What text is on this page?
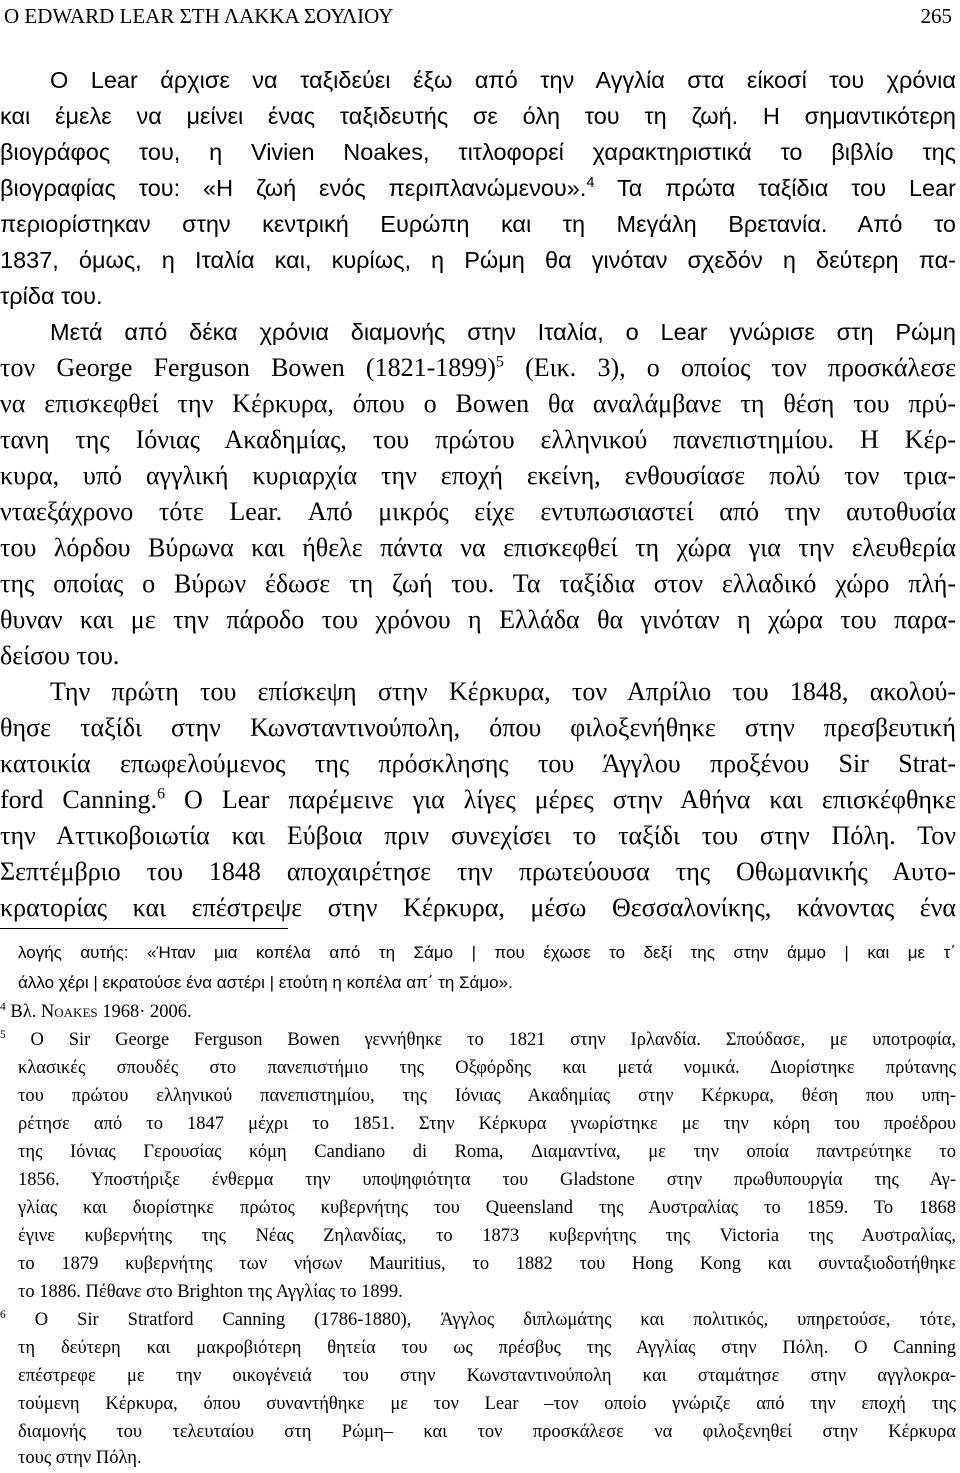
Ο EDWARD LEAR ΣΤΗ ΛΑΚΚΑ ΣΟΥΛΙΟΥ	265
Ο Lear άρχισε να ταξιδεύει έξω από την Αγγλία στα είκοσί του χρόνια
και έμελε να μείνει ένας ταξιδευτής σε όλη του τη ζωή. Η σημαντικότερη
βιογράφος του, η Vivien Noakes, τιτλοφορεί χαρακτηριστικά το βιβλίο της
βιογραφίας του: «Η ζωή ενός περιπλανώμενου».$^4$ Τα πρώτα ταξίδια του Lear
περιορίστηκαν στην κεντρική Ευρώπη και τη Μεγάλη Βρετανία. Από το
1837, όμως, η Ιταλία και, κυρίως, η Ρώμη θα γινόταν σχεδόν η δεύτερη πα-
τρίδα του.
Μετά από δέκα χρόνια διαμονής στην Ιταλία, ο Lear γνώρισε στη Ρώμη
τον George Ferguson Bowen (1821-1899)$^5$ (Εικ. 3), ο οποίος τον προσκάλεσε
να επισκεφθεί την Κέρκυρα, όπου ο Bowen θα αναλάμβανε τη θέση του πρύ-
τανη της Ιόνιας Ακαδημίας, του πρώτου ελληνικού πανεπιστημίου. Η Κέρ-
κυρα, υπό αγγλική κυριαρχία την εποχή εκείνη, ενθουσίασε πολύ τον τρια-
νταεξάχρονο τότε Lear. Από μικρός είχε εντυπωσιαστεί από την αυτοθυσία
του λόρδου Βύρωνα και ήθελε πάντα να επισκεφθεί τη χώρα για την ελευθερία
της οποίας ο Βύρων έδωσε τη ζωή του. Τα ταξίδια στον ελλαδικό χώρο πλή-
θυναν και με την πάροδο του χρόνου η Ελλάδα θα γινόταν η χώρα του παρα-
δείσου του.
Την πρώτη του επίσκεψη στην Κέρκυρα, τον Απρίλιο του 1848, ακολού-
θησε ταξίδι στην Κωνσταντινούπολη, όπου φιλοξενήθηκε στην πρεσβευτική
κατοικία επωφελούμενος της πρόσκλησης του Άγγλου προξένου Sir Strat-
ford Canning.$^6$ Ο Lear παρέμεινε για λίγες μέρες στην Αθήνα και επισκέφθηκε
την Αττικοβοιωτία και Εύβοια πριν συνεχίσει το ταξίδι του στην Πόλη. Τον
Σεπτέμβριο του 1848 αποχαιρέτησε την πρωτεύουσα της Οθωμανικής Αυτο-
κρατορίας και επέστρεψε στην Κέρκυρα, μέσω Θεσσαλονίκης, κάνοντας ένα
λογής αυτής: «Ήταν μια κοπέλα από τη Σάμο | που έχωσε το δεξί της στην άμμο | και με τ΄
άλλο χέρι | εκρατούσε ένα αστέρι | ετούτη η κοπέλα απ΄ τη Σάμο».
$^4$ Βλ. Noakes 1968· 2006.
$^5$ Ο Sir George Ferguson Bowen γεννήθηκε το 1821 στην Ιρλανδία. Σπούδασε, με υποτροφία,
κλασικές σπουδές στο πανεπιστήμιο της Οξφόρδης και μετά νομικά. Διορίστηκε πρύτανης
του πρώτου ελληνικού πανεπιστημίου, της Ιόνιας Ακαδημίας στην Κέρκυρα, θέση που υπη-
ρέτησε από το 1847 μέχρι το 1851. Στην Κέρκυρα γνωρίστηκε με την κόρη του προέδρου
της Ιόνιας Γερουσίας κόμη Candiano di Roma, Διαμαντίνα, με την οποία παντρεύτηκε το
1856. Υποστήριξε ένθερμα την υποψηφιότητα του Gladstone στην πρωθυπουργία της Αγ-
γλίας και διορίστηκε πρώτος κυβερνήτης του Queensland της Αυστραλίας το 1859. Το 1868
έγινε κυβερνήτης της Νέας Ζηλανδίας, το 1873 κυβερνήτης της Victoria της Αυστραλίας,
το 1879 κυβερνήτης των νήσων Mauritius, το 1882 του Hong Kong και συνταξιοδοτήθηκε
το 1886. Πέθανε στο Brighton της Αγγλίας το 1899.
$^6$ Ο Sir Stratford Canning (1786-1880), Άγγλος διπλωμάτης και πολιτικός, υπηρετούσε, τότε,
τη δεύτερη και μακροβιότερη θητεία του ως πρέσβυς της Αγγλίας στην Πόλη. Ο Canning
επέστρεφε με την οικογένειά του στην Κωνσταντινούπολη και σταμάτησε στην αγγλοκρα-
τούμενη Κέρκυρα, όπου συναντήθηκε με τον Lear –τον οποίο γνώριζε από την εποχή της
διαμονής του τελευταίου στη Ρώμη– και τον προσκάλεσε να φιλοξενηθεί στην Κέρκυρα
τους στην Πόλη.
